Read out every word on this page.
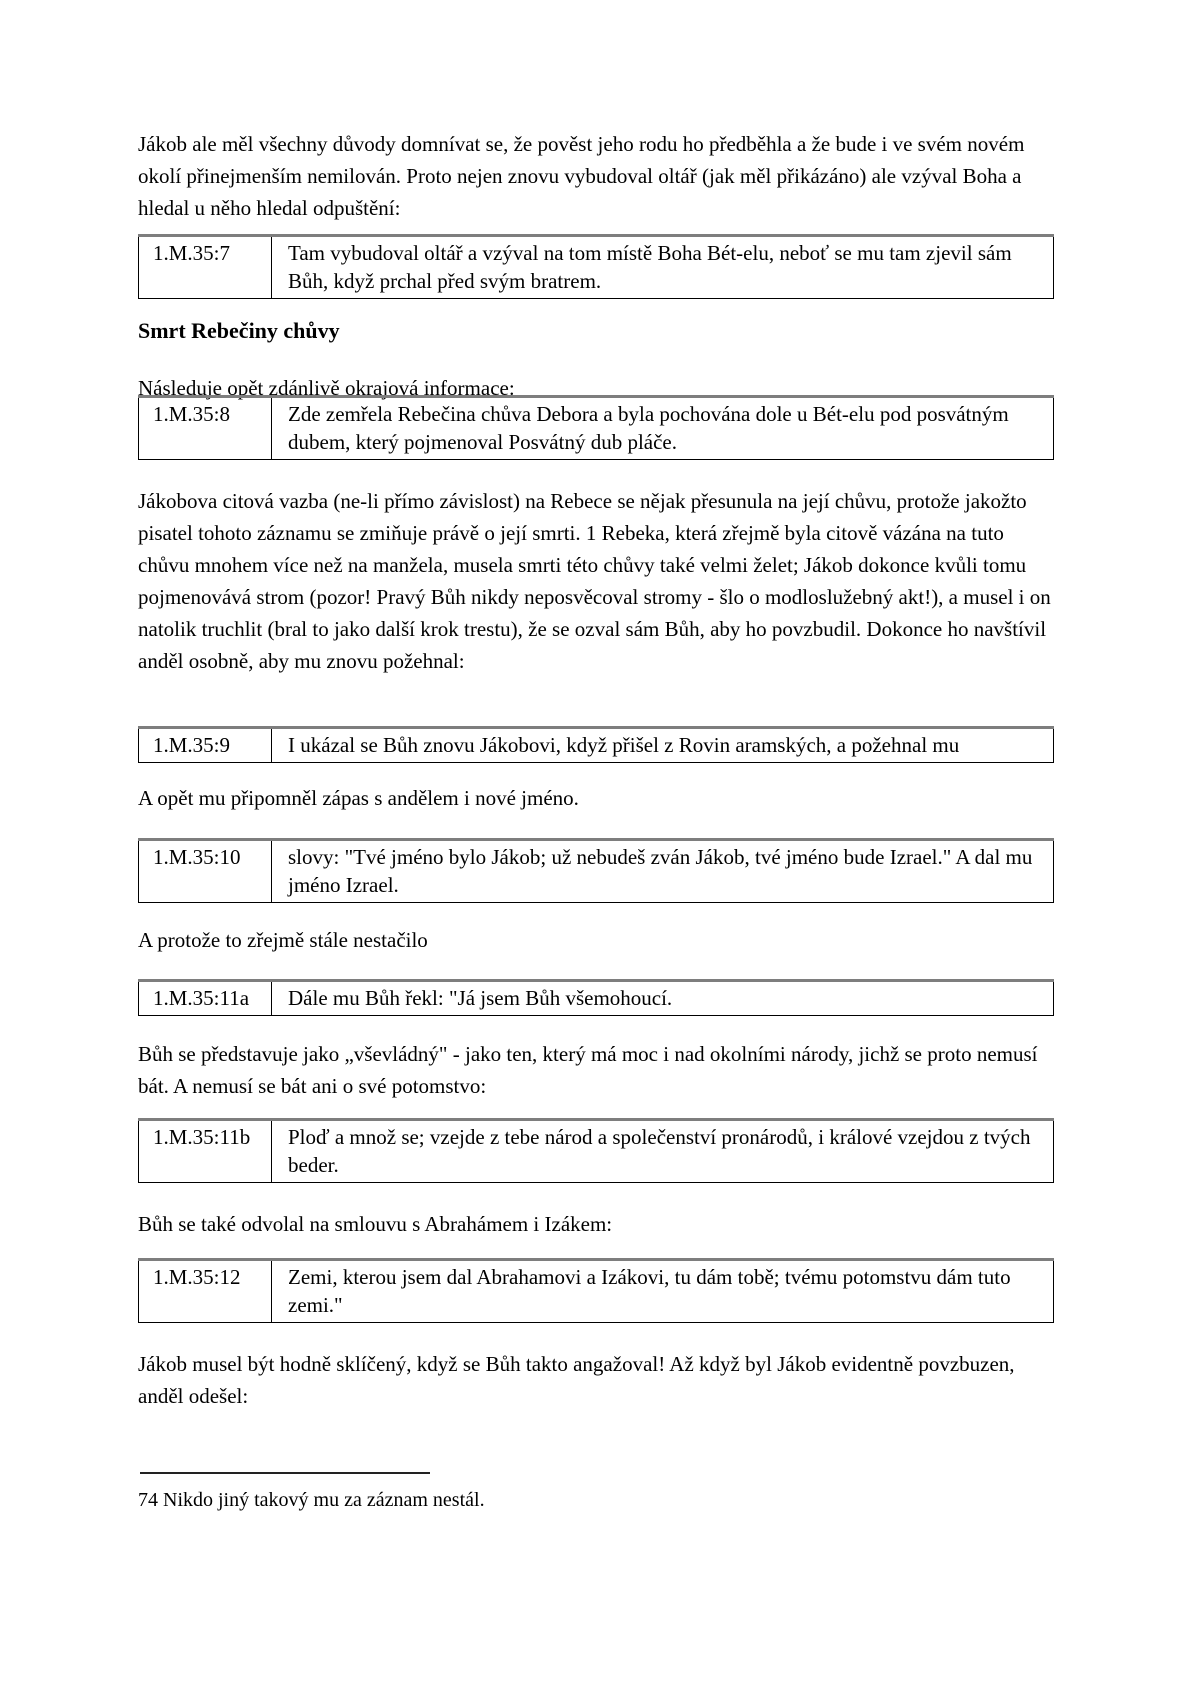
Jákob ale měl všechny důvody domnívat se, že pověst jeho rodu ho předběhla a že bude i ve svém novém okolí přinejmenším nemilován. Proto nejen znovu vybudoval oltář (jak měl přikázáno) ale vzýval Boha a hledal u něho hledal odpuštění:
1.M.35:7	Tam vybudoval oltář a vzýval na tom místě Boha Bét-elu, neboť se mu tam zjevil sám Bůh, když prchal před svým bratrem.
Smrt Rebečiny chůvy
Následuje opět zdánlivě okrajová informace:
1.M.35:8	Zde zemřela Rebečina chůva Debora a byla pochována dole u Bét-elu pod posvátným dubem, který pojmenoval Posvátný dub pláče.
Jákobova citová vazba (ne-li přímo závislost) na Rebece se nějak přesunula na její chůvu, protože jakožto pisatel tohoto záznamu se zmiňuje právě o její smrti. 1 Rebeka, která zřejmě byla citově vázána na tuto chůvu mnohem více než na manžela, musela smrti této chůvy také velmi želet; Jákob dokonce kvůli tomu pojmenovává strom (pozor! Pravý Bůh nikdy neposvěcoval stromy - šlo o modloslužebný akt!), a musel i on natolik truchlit (bral to jako další krok trestu), že se ozval sám Bůh, aby ho povzbudil. Dokonce ho navštívil anděl osobně, aby mu znovu požehnal:
1.M.35:9	I ukázal se Bůh znovu Jákobovi, když přišel z Rovin aramských, a požehnal mu
A opět mu připomněl zápas s andělem i nové jméno.
1.M.35:10	slovy: "Tvé jméno bylo Jákob; už nebudeš zván Jákob, tvé jméno bude Izrael." A dal mu jméno Izrael.
A protože to zřejmě stále nestačilo
1.M.35:11a	Dále mu Bůh řekl: "Já jsem Bůh všemohoucí.
Bůh se představuje jako „vševládný" - jako ten, který má moc i nad okolními národy, jichž se proto nemusí bát. A nemusí se bát ani o své potomstvo:
1.M.35:11b	Ploď a množ se; vzejde z tebe národ a společenství pronárodů, i králové vzejdou z tvých beder.
Bůh se také odvolal na smlouvu s Abrahámem i Izákem:
1.M.35:12	Zemi, kterou jsem dal Abrahamovi a Izákovi, tu dám tobě; tvému potomstvu dám tuto zemi."
Jákob musel být hodně sklíčený, když se Bůh takto angažoval! Až když byl Jákob evidentně povzbuzen, anděl odešel:
74 Nikdo jiný takový mu za záznam nestál.
